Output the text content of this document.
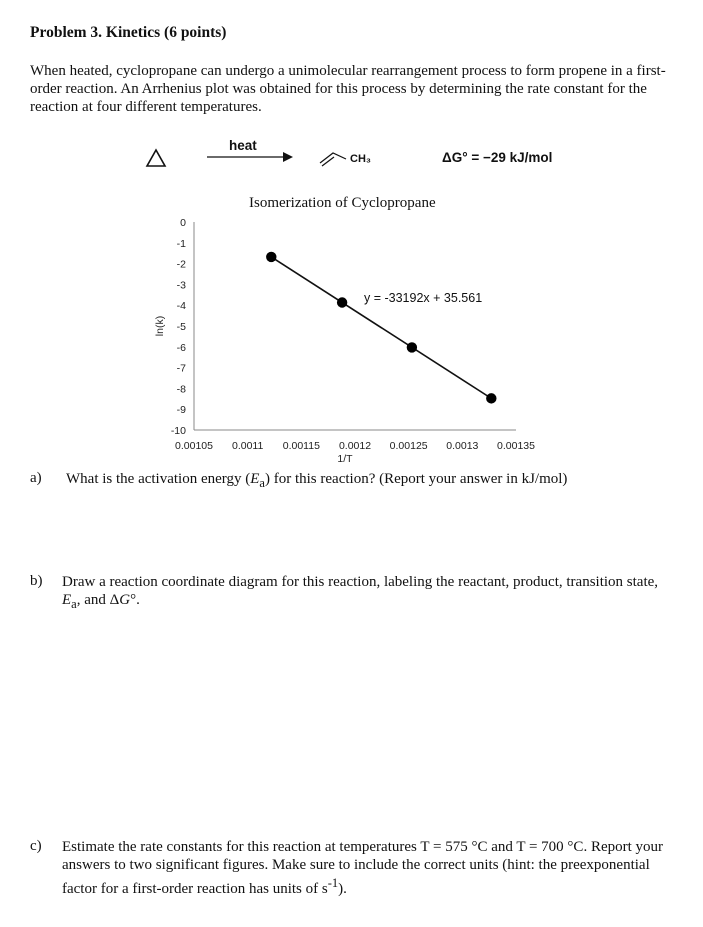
Problem 3. Kinetics (6 points)
When heated, cyclopropane can undergo a unimolecular rearrangement process to form propene in a first-order reaction. An Arrhenius plot was obtained for this process by determining the rate constant for the reaction at four different temperatures.
0
-1
-2
-3
-4
-5
-6
-7
-8
-9
-10
0.00105 0.0011 0.00115 0.0012 0.00125 0.0013 0.00135
y = -33192x + 35.561
1/T
ln(k)
heat
CH₃	ΔG° = −29 kJ/mol
Isomerization of Cyclopropane
a) What is the activation energy $(E_a)$ for this reaction? (Report your answer in kJ/mol)
b) Draw a reaction coordinate diagram for this reaction, labeling the reactant, product, transition state, $E_a$, and ΔG°.
c) Estimate the rate constants for this reaction at temperatures T = 575 °C and T = 700 °C. Report your answers to two significant figures. Make sure to include the correct units (hint: the preexponential factor for a first-order reaction has units of $s^{-1}$).
